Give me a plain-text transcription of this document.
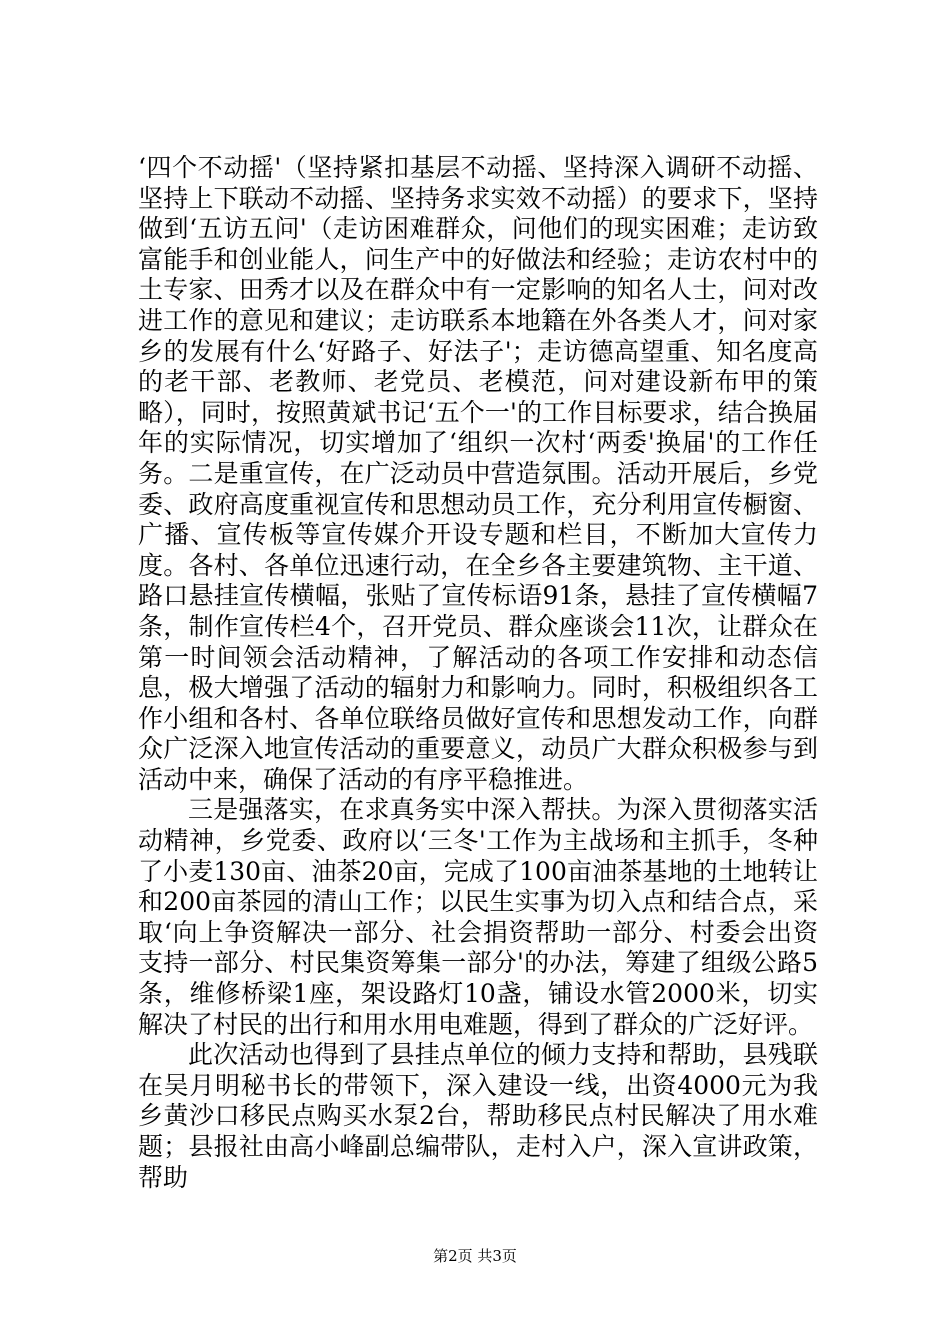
‘四个不动摇'（坚持紧扣基层不动摇、坚持深入调研不动摇、坚持上下联动不动摇、坚持务求实效不动摇）的要求下，坚持做到‘五访五问'（走访困难群众，问他们的现实困难；走访致富能手和创业能人，问生产中的好做法和经验；走访农村中的土专家、田秀才以及在群众中有一定影响的知名人士，问对改进工作的意见和建议；走访联系本地籍在外各类人才，问对家乡的发展有什么‘好路子、好法子'；走访德高望重、知名度高的老干部、老教师、老党员、老模范，问对建设新布甲的策略），同时，按照黄斌书记‘五个一'的工作目标要求，结合换届年的实际情况，切实增加了‘组织一次村‘两委'换届'的工作任务。二是重宣传，在广泛动员中营造氛围。活动开展后，乡党委、政府高度重视宣传和思想动员工作，充分利用宣传橱窗、广播、宣传板等宣传媒介开设专题和栏目，不断加大宣传力度。各村、各单位迅速行动，在全乡各主要建筑物、主干道、路口悬挂宣传横幅，张贴了宣传标语91条，悬挂了宣传横幅7条，制作宣传栏4个，召开党员、群众座谈会11次，让群众在第一时间领会活动精神，了解活动的各项工作安排和动态信息，极大增强了活动的辐射力和影响力。同时，积极组织各工作小组和各村、各单位联络员做好宣传和思想发动工作，向群众广泛深入地宣传活动的重要意义，动员广大群众积极参与到活动中来，确保了活动的有序平稳推进。

三是强落实，在求真务实中深入帮扶。为深入贯彻落实活动精神，乡党委、政府以‘三冬'工作为主战场和主抓手，冬种了小麦130亩、油茶20亩，完成了100亩油茶基地的土地转让和200亩茶园的清山工作；以民生实事为切入点和结合点，采取‘向上争资解决一部分、社会捐资帮助一部分、村委会出资支持一部分、村民集资筹集一部分'的办法，筹建了组级公路5条，维修桥梁1座，架设路灯10盏，铺设水管2000米，切实解决了村民的出行和用水用电难题，得到了群众的广泛好评。

此次活动也得到了县挂点单位的倾力支持和帮助，县残联在吴月明秘书长的带领下，深入建设一线，出资4000元为我乡黄沙口移民点购买水泵2台，帮助移民点村民解决了用水难题；县报社由高小峰副总编带队，走村入户，深入宣讲政策，帮助

第2页 共3页
